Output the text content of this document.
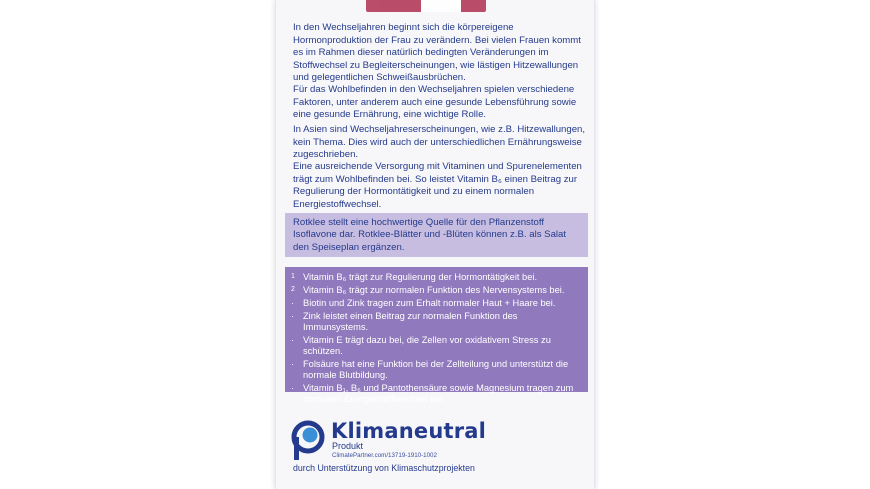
In den Wechseljahren beginnt sich die körpereigene Hormonproduktion der Frau zu verändern. Bei vielen Frauen kommt es im Rahmen dieser natürlich bedingten Veränderungen im Stoffwechsel zu Begleiterscheinungen, wie lästigen Hitzewallungen und gelegentlichen Schweißausbrüchen.
Für das Wohlbefinden in den Wechseljahren spielen verschiedene Faktoren, unter anderem auch eine gesunde Lebensführung sowie eine gesunde Ernährung, eine wichtige Rolle.
In Asien sind Wechseljahreserscheinungen, wie z.B. Hitzewallungen, kein Thema. Dies wird auch der unterschiedlichen Ernährungsweise zugeschrieben.
Eine ausreichende Versorgung mit Vitaminen und Spurenelementen trägt zum Wohlbefinden bei. So leistet Vitamin B₆ einen Beitrag zur Regulierung der Hormontätigkeit und zu einem normalen Energiestoffwechsel.
Rotklee stellt eine hochwertige Quelle für den Pflanzenstoff Isoflavone dar. Rotklee-Blätter und -Blüten können z.B. als Salat den Speiseplan ergänzen.
1 Vitamin B₆ trägt zur Regulierung der Hormontätigkeit bei.
2 Vitamin B₆ trägt zur normalen Funktion des Nervensystems bei.
· Biotin und Zink tragen zum Erhalt normaler Haut + Haare bei.
· Zink leistet einen Beitrag zur normalen Funktion des Immunsystems.
· Vitamin E trägt dazu bei, die Zellen vor oxidativem Stress zu schützen.
· Folsäure hat eine Funktion bei der Zellteilung und unterstützt die normale Blutbildung.
· Vitamin B₁, B₆ und Pantothensäure sowie Magnesium tragen zum normalen Energiestoffwechsel bei.
Klimaneutral
Produkt
ClimatePartner.com/13719-1910-1002
durch Unterstützung von Klimaschutzprojekten
